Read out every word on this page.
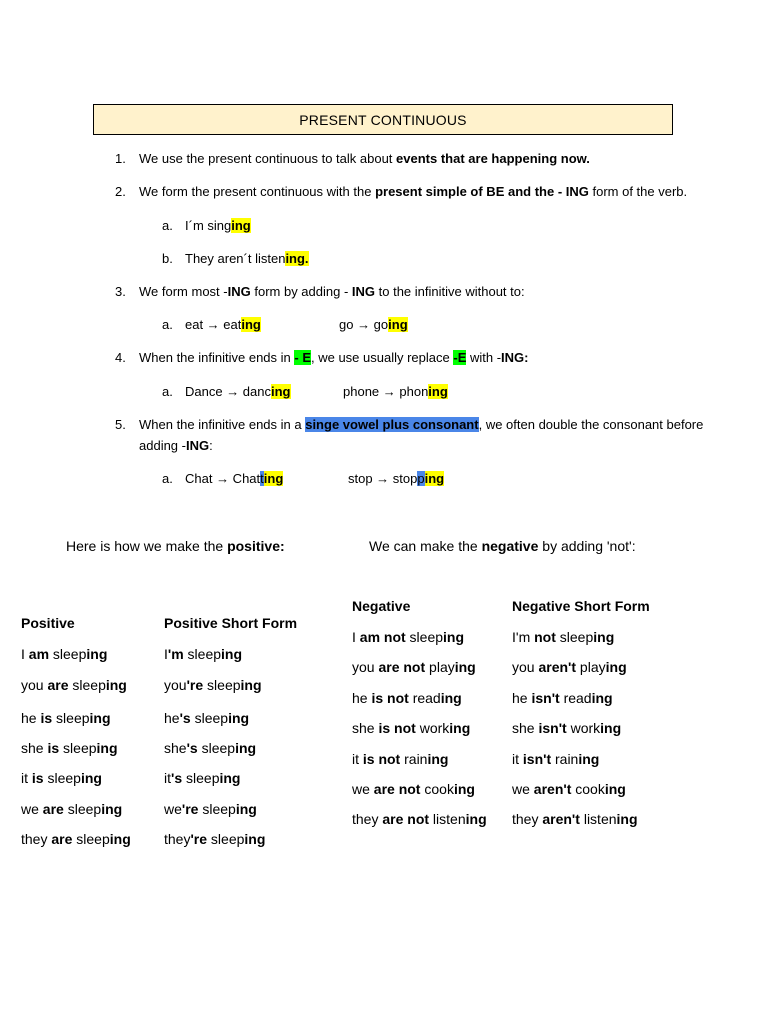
PRESENT CONTINUOUS
1. We use the present continuous to talk about events that are happening now.
2. We form the present continuous with the present simple of BE and the - ING form of the verb.
a. I´m singing
b. They aren´t listening.
3. We form most -ING form by adding - ING to the infinitive without to:
a. eat → eating	go → going
4. When the infinitive ends in - E, we use usually replace -E with -ING:
a. Dance → dancing	phone → phoning
5. When the infinitive ends in a singe vowel plus consonant, we often double the consonant before
adding -ING:
a. Chat → Chatting	stop → stopping
Here is how we make the positive:	We can make the negative by adding 'not':
Positive	Positive Short Form
I am sleeping	I'm sleeping
you are sleeping	you're sleeping
he is sleeping	he's sleeping
she is sleeping	she's sleeping
it is sleeping	it's sleeping
we are sleeping	we're sleeping
they are sleeping they're sleeping
Negative	Negative Short Form
I am not sleeping	I'm not sleeping
you are not playing	you aren't playing
he is not reading	he isn't reading
she is not working	she isn't working
it is not raining	it isn't raining
we are not cooking	we aren't cooking
they are not listening they aren't listening
